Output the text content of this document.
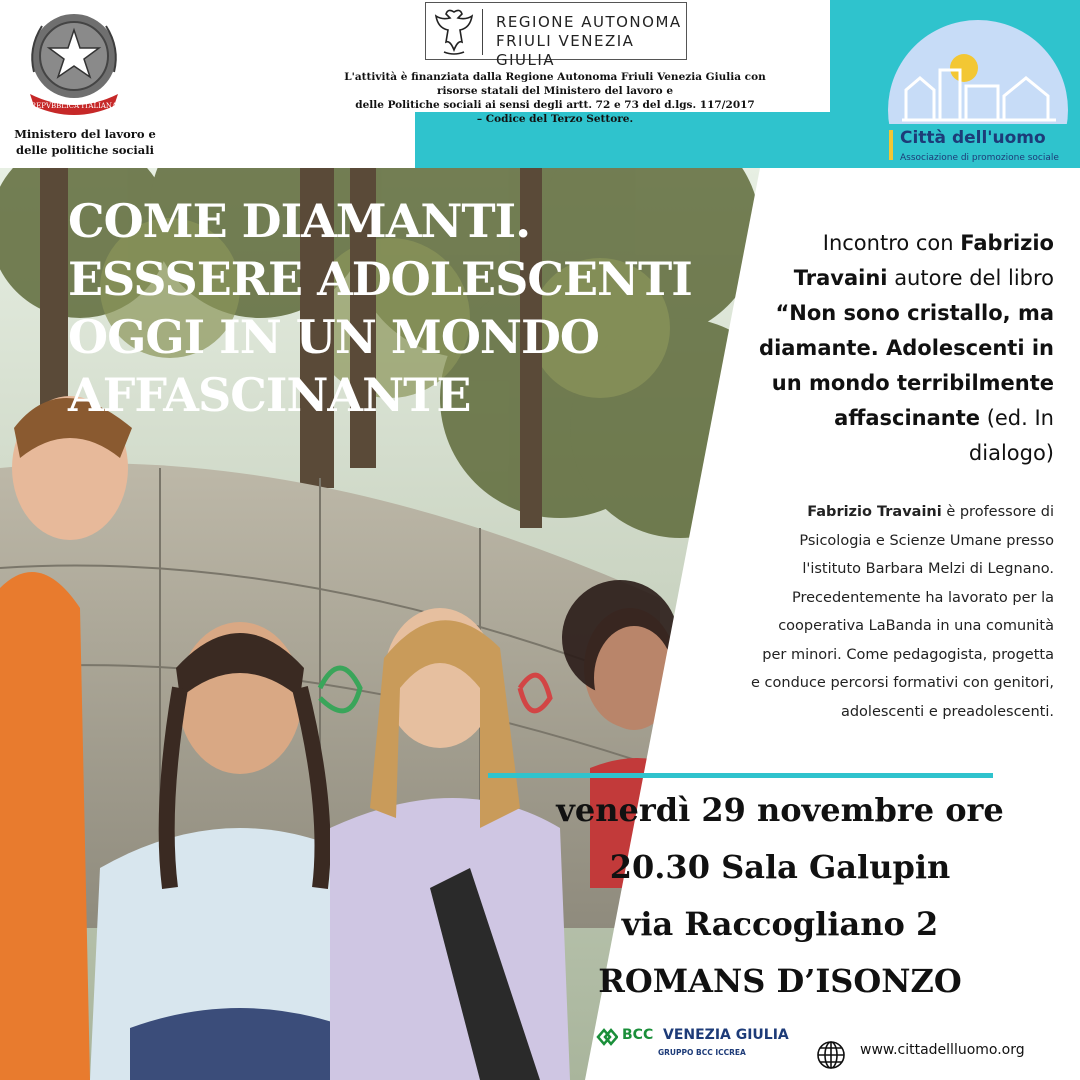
REPVBBLICA ITALIANA
Ministero del lavoro e
delle politiche sociali
REGIONE AUTONOMA
FRIULI VENEZIA GIULIA
L'attività è finanziata dalla Regione Autonoma Friuli Venezia Giulia con
risorse statali del Ministero del lavoro e
delle Politiche sociali ai sensi degli artt. 72 e 73 del d.lgs. 117/2017
– Codice del Terzo Settore.
Città dell'uomo
Associazione di promozione sociale
COME DIAMANTI.
ESSSERE ADOLESCENTI
OGGI IN UN MONDO
AFFASCINANTE
Incontro con Fabrizio
Travaini autore del libro
“Non sono cristallo, ma
diamante. Adolescenti in
un mondo terribilmente
affascinante (ed. In
dialogo)
Fabrizio Travaini è professore di
Psicologia e Scienze Umane presso
l'istituto Barbara Melzi di Legnano.
Precedentemente ha lavorato per la
cooperativa LaBanda in una comunità
per minori. Come pedagogista, progetta
e conduce percorsi formativi con genitori,
adolescenti e preadolescenti.
venerdì 29 novembre ore
20.30 Sala Galupin
via Raccogliano 2
ROMANS D’ISONZO
BCC VENEZIA GIULIA
GRUPPO BCC ICCREA	www.cittadellluomo.org
